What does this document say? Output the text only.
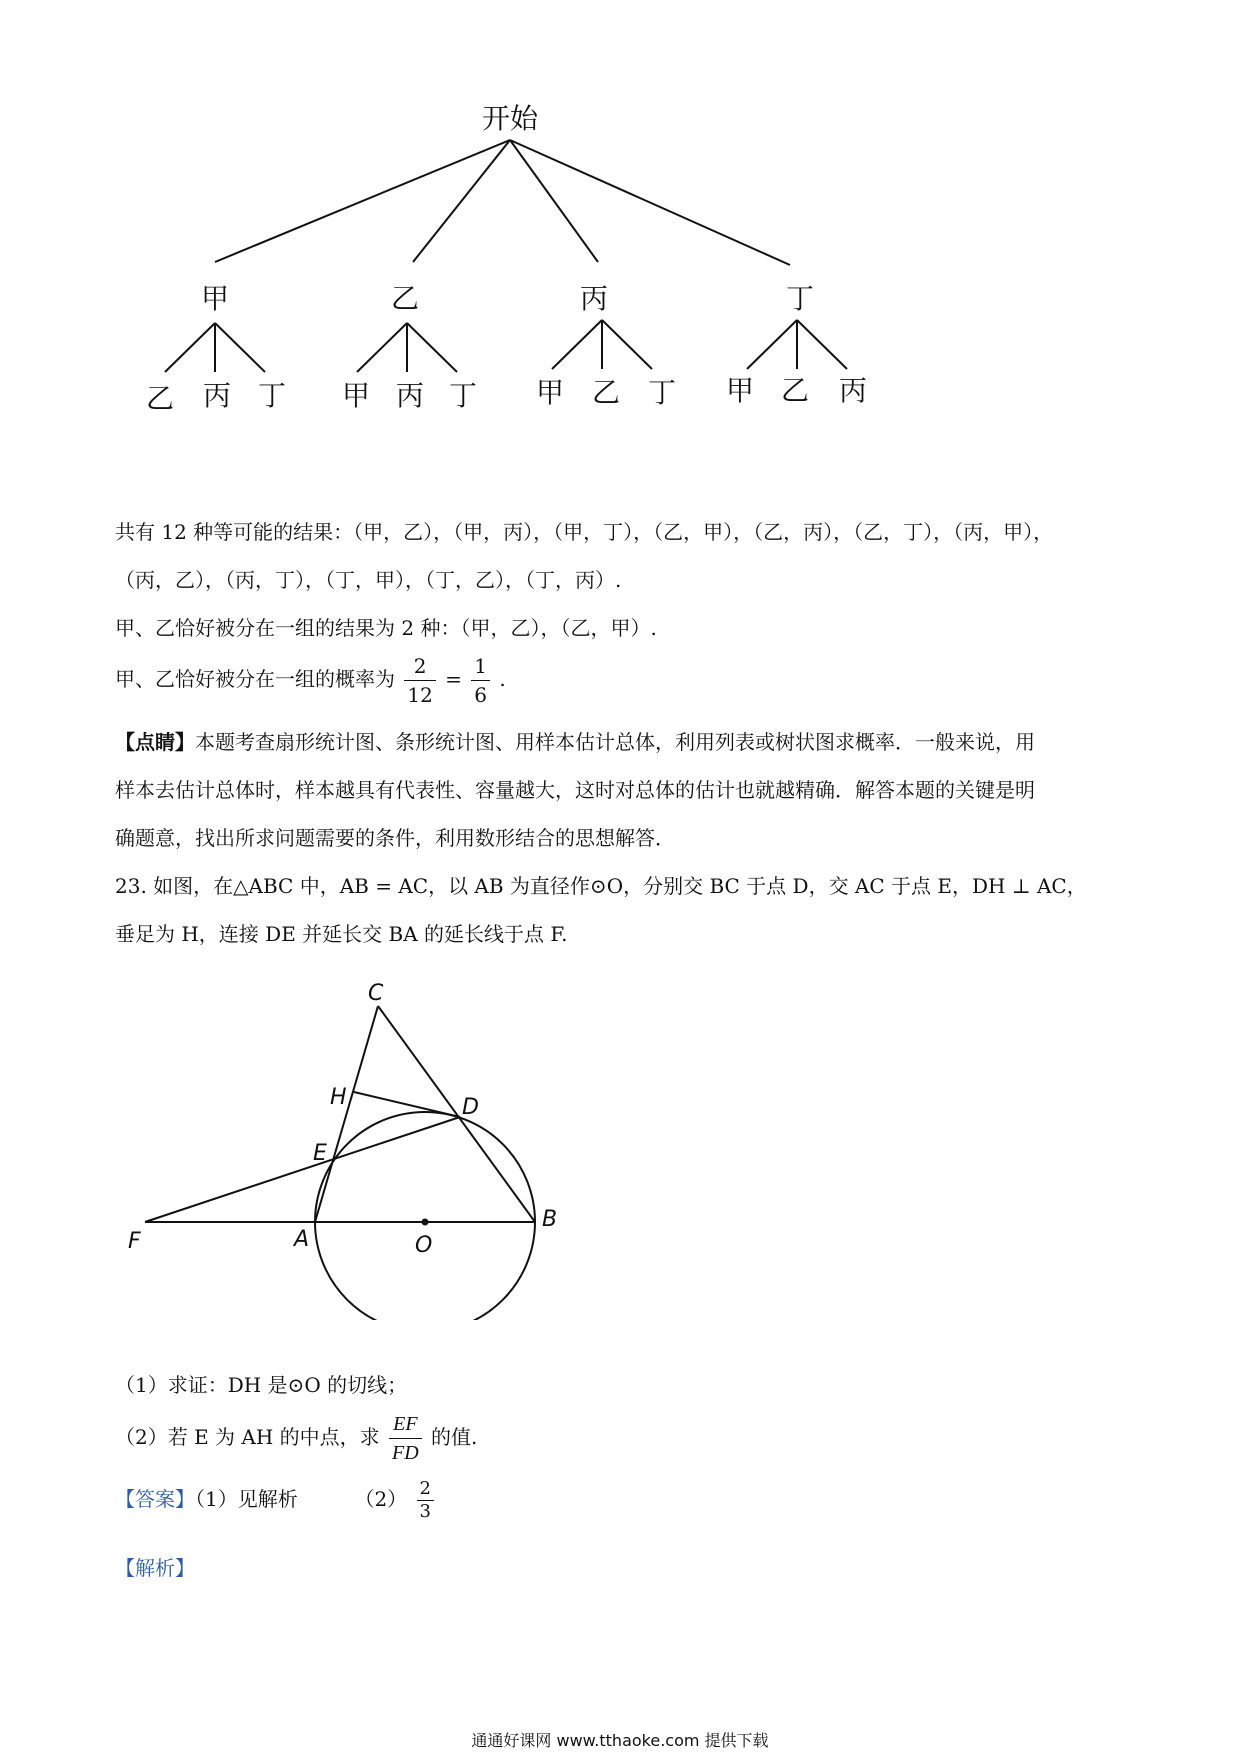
开始
甲	乙	丙	丁
乙 丙 丁 甲 丙 丁 甲 乙 丁 甲 乙 丙
共有 12 种等可能的结果：（甲，乙），（甲，丙），（甲，丁），（乙，甲），（乙，丙），（乙，丁），（丙，甲），
（丙，乙），（丙，丁），（丁，甲），（丁，乙），（丁，丙）.
甲、乙恰好被分在一组的结果为 2 种：（甲，乙），（乙，甲）.
甲、乙恰好被分在一组的概率为 $\frac{2}{12} = \frac{1}{6}$ .
【点睛】本题考查扇形统计图、条形统计图、用样本估计总体，利用列表或树状图求概率．一般来说，用
样本去估计总体时，样本越具有代表性、容量越大，这时对总体的估计也就越精确．解答本题的关键是明
确题意，找出所求问题需要的条件，利用数形结合的思想解答．
23. 如图，在△ABC 中，AB = AC，以 AB 为直径作⊙O，分别交 BC 于点 D，交 AC 于点 E，DH ⊥ AC，
垂足为 H，连接 DE 并延长交 BA 的延长线于点 F.
C
H	D
E
F	A	O
B
（1）求证：DH 是⊙O 的切线；
（2）若 E 为 AH 的中点，求 $\frac{EF}{FD}$ 的值.
【答案】（1）见解析	$(2) \frac{2}{3}$
【解析】
通通好课网 www.tthaoke.com 提供下载
